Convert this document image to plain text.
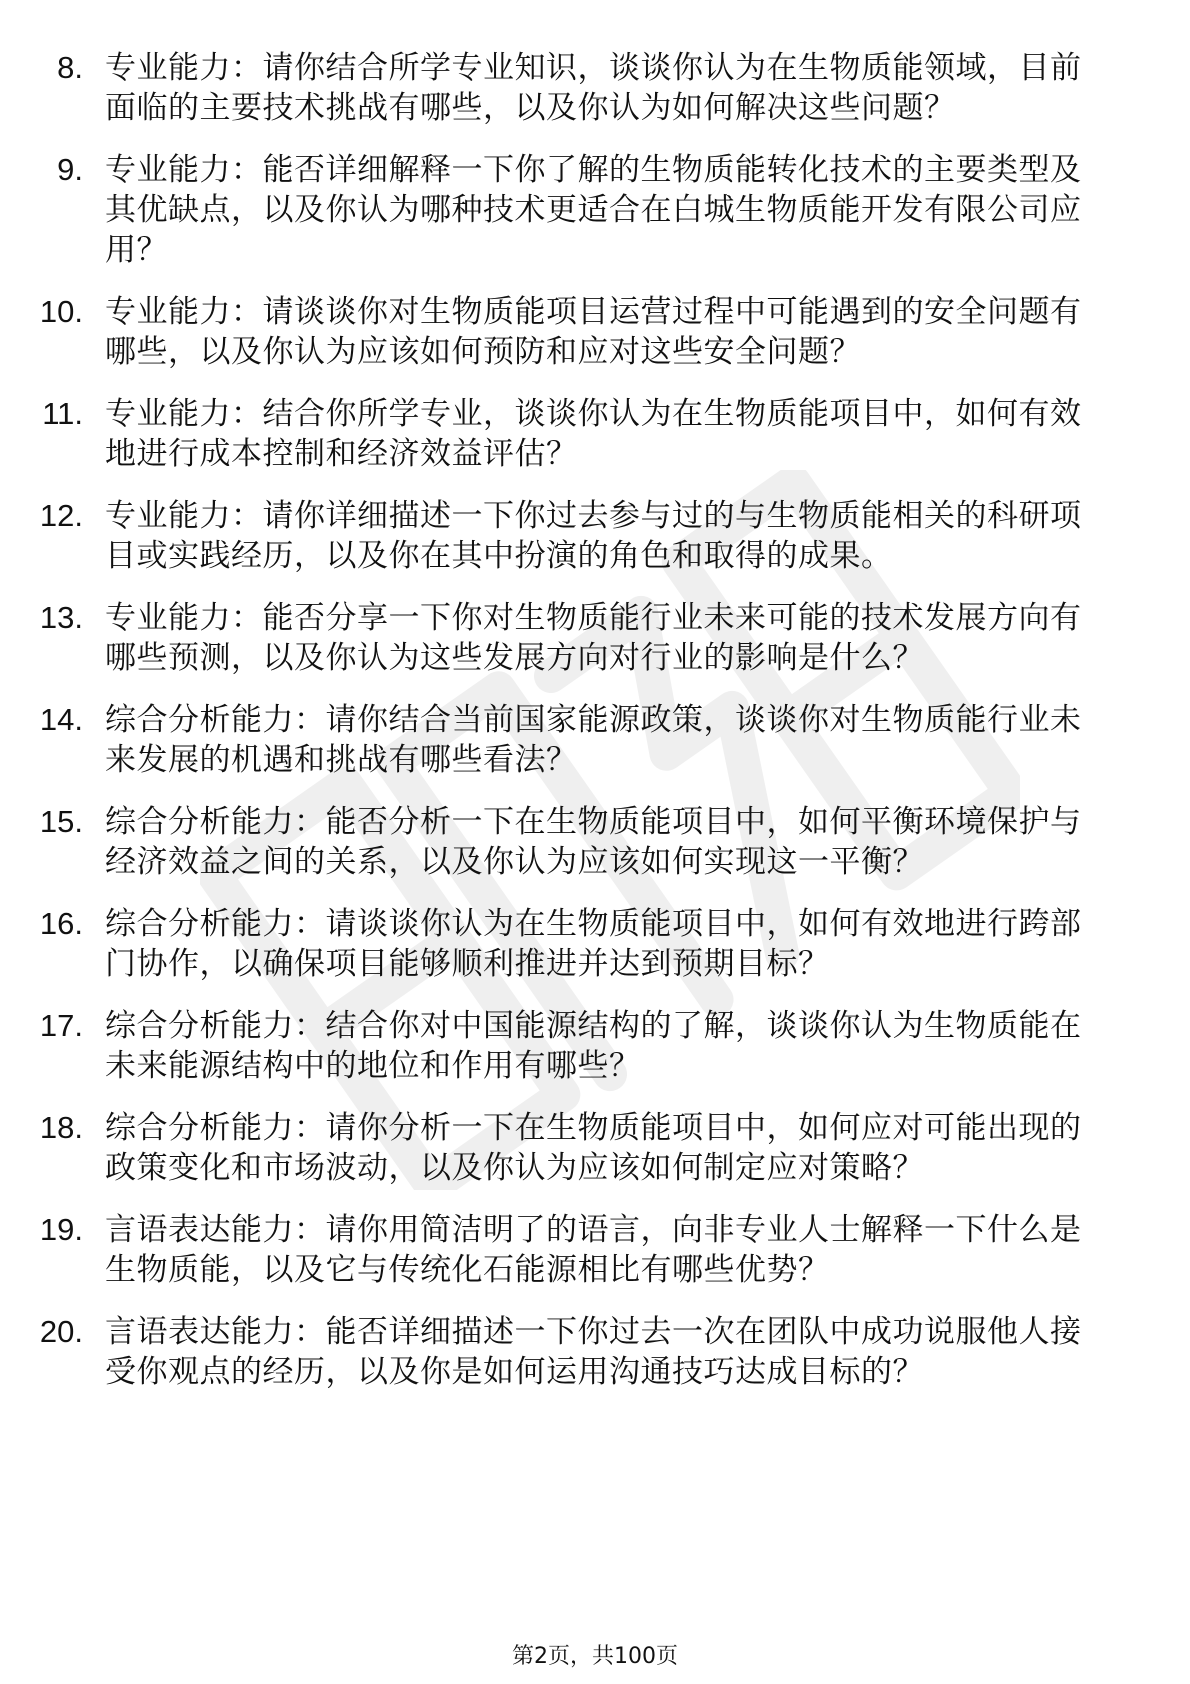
8. 专业能力：请你结合所学专业知识，谈谈你认为在生物质能领域，目前面临的主要技术挑战有哪些，以及你认为如何解决这些问题？
9. 专业能力：能否详细解释一下你了解的生物质能转化技术的主要类型及其优缺点，以及你认为哪种技术更适合在白城生物质能开发有限公司应用？
10. 专业能力：请谈谈你对生物质能项目运营过程中可能遇到的安全问题有哪些，以及你认为应该如何预防和应对这些安全问题？
11. 专业能力：结合你所学专业，谈谈你认为在生物质能项目中，如何有效地进行成本控制和经济效益评估？
12. 专业能力：请你详细描述一下你过去参与过的与生物质能相关的科研项目或实践经历，以及你在其中扮演的角色和取得的成果。
13. 专业能力：能否分享一下你对生物质能行业未来可能的技术发展方向有哪些预测，以及你认为这些发展方向对行业的影响是什么？
14. 综合分析能力：请你结合当前国家能源政策，谈谈你对生物质能行业未来发展的机遇和挑战有哪些看法？
15. 综合分析能力：能否分析一下在生物质能项目中，如何平衡环境保护与经济效益之间的关系，以及你认为应该如何实现这一平衡？
16. 综合分析能力：请谈谈你认为在生物质能项目中，如何有效地进行跨部门协作，以确保项目能够顺利推进并达到预期目标？
17. 综合分析能力：结合你对中国能源结构的了解，谈谈你认为生物质能在未来能源结构中的地位和作用有哪些？
18. 综合分析能力：请你分析一下在生物质能项目中，如何应对可能出现的政策变化和市场波动，以及你认为应该如何制定应对策略？
19. 言语表达能力：请你用简洁明了的语言，向非专业人士解释一下什么是生物质能，以及它与传统化石能源相比有哪些优势？
20. 言语表达能力：能否详细描述一下你过去一次在团队中成功说服他人接受你观点的经历，以及你是如何运用沟通技巧达成目标的？
第2页，共100页
